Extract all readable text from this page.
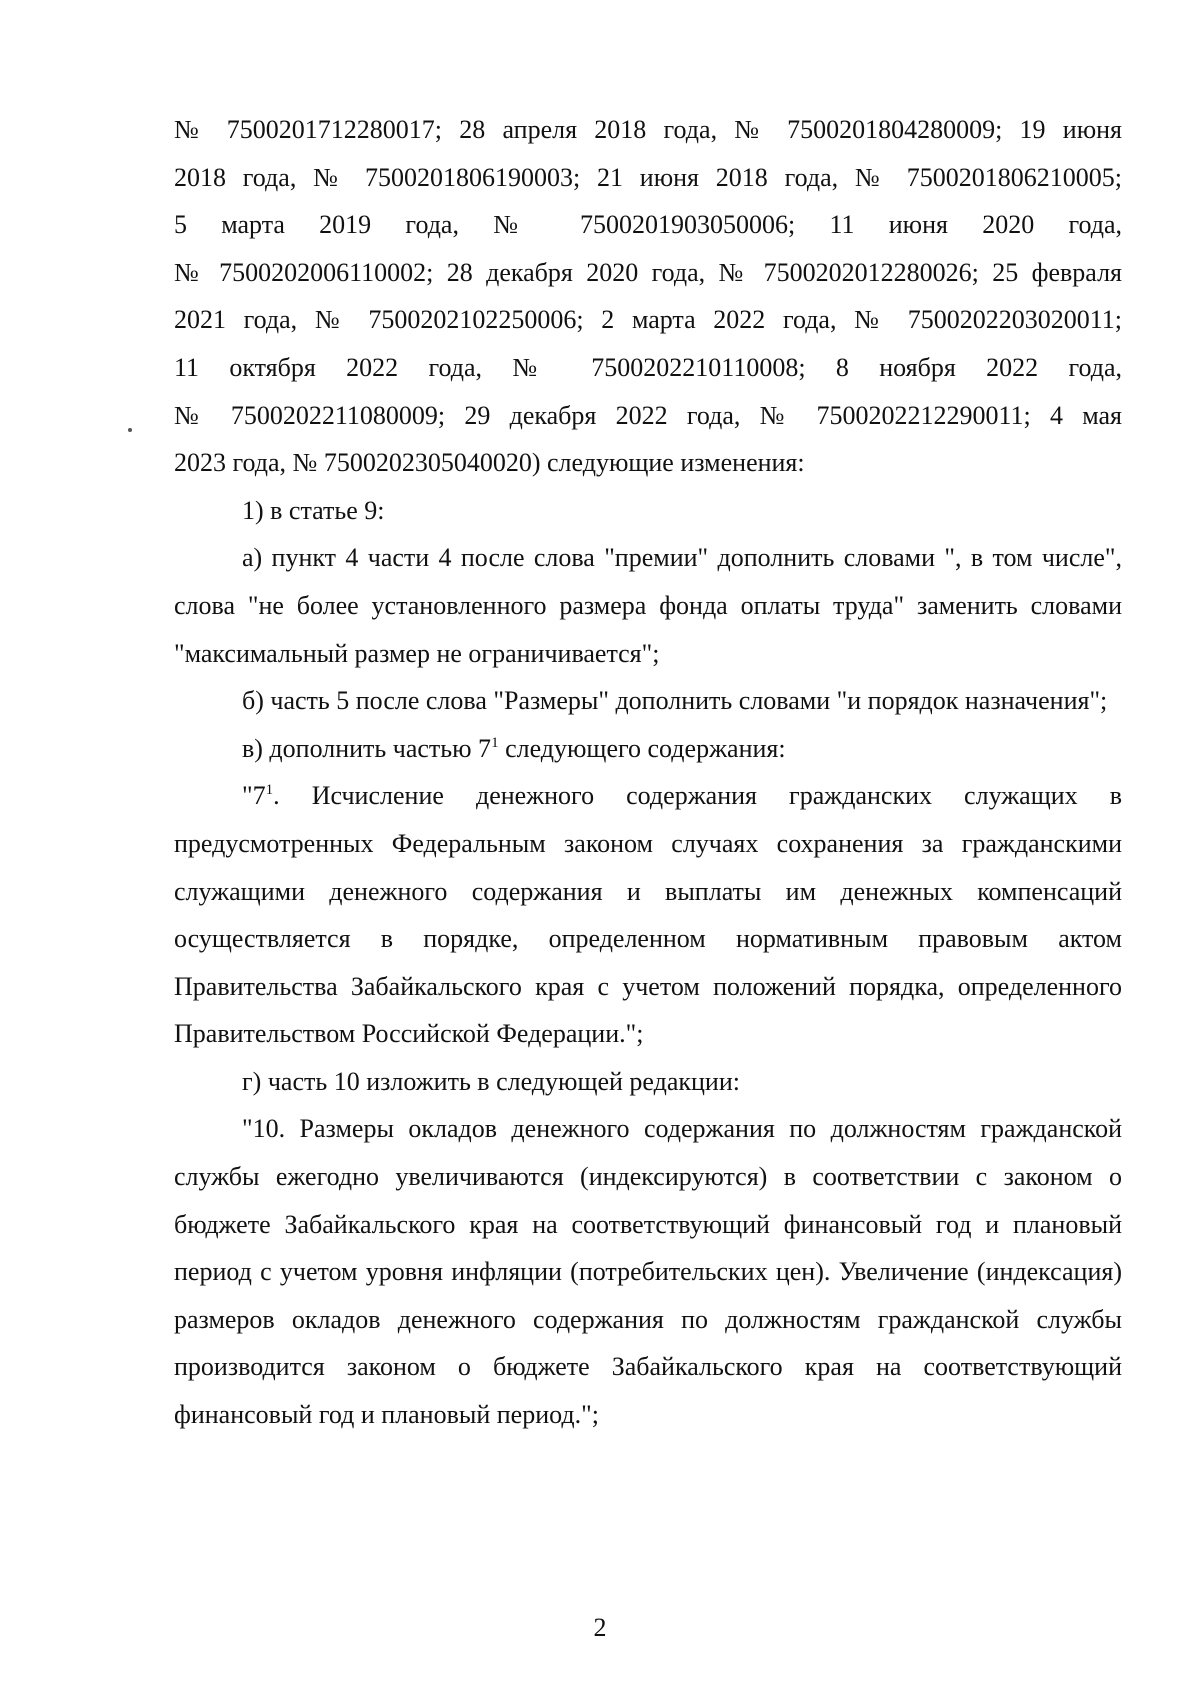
№ 7500201712280017; 28 апреля 2018 года, № 7500201804280009; 19 июня
2018 года, № 7500201806190003; 21 июня 2018 года, № 7500201806210005;
5 марта 2019 года, № 7500201903050006; 11 июня 2020 года,
№ 7500202006110002; 28 декабря 2020 года, № 7500202012280026; 25 февраля
2021 года, № 7500202102250006; 2 марта 2022 года, № 7500202203020011;
11 октября 2022 года, № 7500202210110008; 8 ноября 2022 года,
№ 7500202211080009; 29 декабря 2022 года, № 7500202212290011; 4 мая
2023 года, № 7500202305040020) следующие изменения:

1) в статье 9:

а) пункт 4 части 4 после слова "премии" дополнить словами ", в том числе", слова "не более установленного размера фонда оплаты труда" заменить словами "максимальный размер не ограничивается";

б) часть 5 после слова "Размеры" дополнить словами "и порядок назначения";

в) дополнить частью $7^1$ следующего содержания:

"$7^1$. Исчисление денежного содержания гражданских служащих в предусмотренных Федеральным законом случаях сохранения за гражданскими служащими денежного содержания и выплаты им денежных компенсаций осуществляется в порядке, определенном нормативным правовым актом Правительства Забайкальского края с учетом положений порядка, определенного Правительством Российской Федерации.";

г) часть 10 изложить в следующей редакции:

"10. Размеры окладов денежного содержания по должностям гражданской службы ежегодно увеличиваются (индексируются) в соответствии с законом о бюджете Забайкальского края на соответствующий финансовый год и плановый период с учетом уровня инфляции (потребительских цен). Увеличение (индексация) размеров окладов денежного содержания по должностям гражданской службы производится законом о бюджете Забайкальского края на соответствующий финансовый год и плановый период.";

2
